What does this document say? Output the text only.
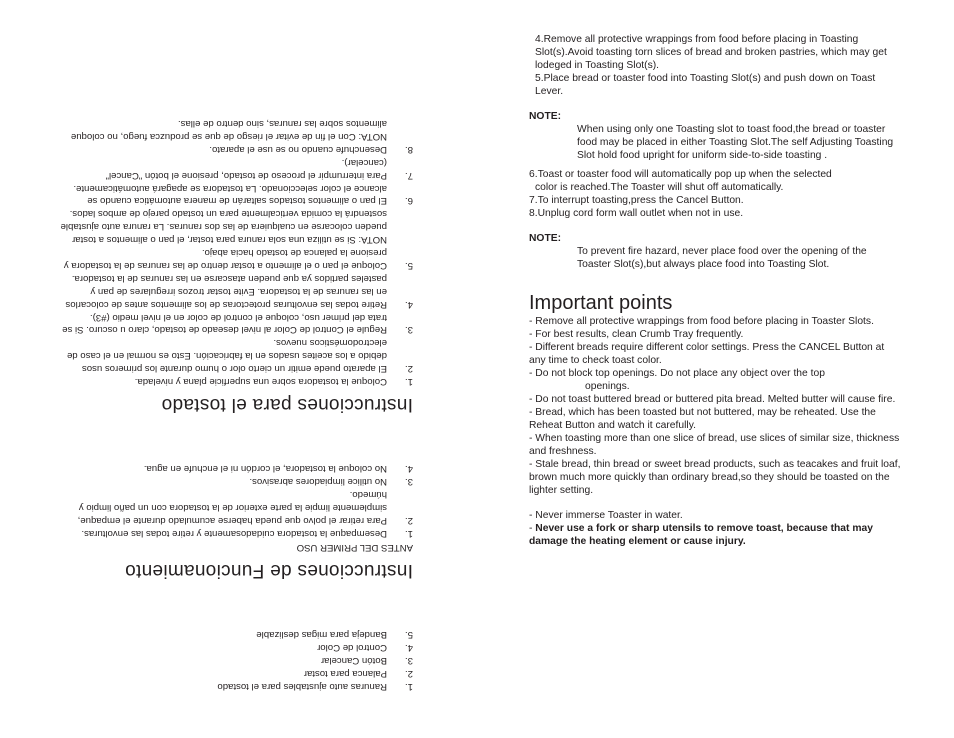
1.
Ranuras auto ajustables para el tostado
2.
Palanca para tostar
3.
Botón Cancelar
4.
Control de Color
5.
Bandeja para migas deslizable
Instrucciones de Funcionamiento

ANTES DEL PRIMER USO

1.
Desempaque la tostadora cuidadosamente y retire todas las envolturas.
2.
Para retirar el polvo que pueda haberse acumulado durante el empaque, simplemente limpie la parte exterior de la tostadora con un paño limpio y húmedo.
3.
No utilice limpiadores abrasivos.
4.
No coloque la tostadora, el cordón ni el enchufe en agua.
Instrucciones para el tostado
1.
Coloque la tostadora sobre una superficie plana y nivelada.
2.
El aparato puede emitir un cierto olor o humo durante los primeros usos debido a los aceites usados en la fabricación. Esto es normal en el caso de electrodomésticos nuevos.
3.
Regule el Control de Color al nivel deseado de tostado, claro u oscuro. Si se trata del primer uso, coloque el control de color en el nivel medio (#3).
4.
Retire todas las envolturas protectoras de los alimentos antes de colocarlos en las ranuras de la tostadora. Evite tostar trozos irregulares de pan y pasteles partidos ya que pueden atascarse en las ranuras de la tostadora.
5.
Coloque el pan o el alimento a tostar dentro de las ranuras de la tostadora y presione la palanca de tostado hacia abajo.
NOTA: Si se utiliza una sola ranura para tostar, el pan o alimentos a tostar pueden colocarse en cualquiera de las dos ranuras. La ranura auto ajustable sostendrá la comida verticalmente para un tostado parejo de ambos lados.
6.
El pan o alimentos tostados saltarán de manera automática cuando se alcance el color seleccionado. La tostadora se apagará automáticamente.
7.
Para interrumpir el proceso de tostado, presione el botón "Cancel" (cancelar).
8.
Desenchufe cuando no se use el aparato.
NOTA: Con el fin de evitar el riesgo de que se produzca fuego, no coloque alimentos sobre las ranuras, sino dentro de ellas.

4.Remove all protective wrappings from food before placing in Toasting Slot(s).Avoid toasting torn slices of bread and broken pastries, which may get lodeged in Toasting Slot(s).

5.Place bread or toaster food into Toasting Slot(s) and push down on Toast Lever.

NOTE:

When using only one Toasting slot to toast food,the bread or toaster food may be placed in either Toasting Slot.The self Adjusting Toasting Slot hold food upright for uniform side-to-side toasting .

6.Toast or toaster food will automatically pop up when the selected

color is reached.The Toaster will shut off automatically.

7.To interrupt toasting,press the Cancel Button.

8.Unplug cord form wall outlet when not in use.

NOTE:

To prevent fire hazard, never place food over the opening of the Toaster Slot(s),but always place food into Toasting Slot.

Important points

- Remove all protective wrappings from food before placing in Toaster Slots.

- For best results, clean Crumb Tray frequently.

- Different breads require different color settings. Press the CANCEL Button at any time to check toast color.

- Do not block top openings. Do not place any object over the top

openings.

- Do not toast buttered bread or buttered pita bread. Melted butter will cause fire.

- Bread, which has been toasted but not buttered, may be reheated. Use the Reheat Button and watch it carefully.

- When toasting more than one slice of bread, use slices of similar size, thickness and freshness.

- Stale bread, thin bread or sweet bread products, such as teacakes and fruit loaf, brown much more quickly than ordinary bread,so they should be toasted on the lighter setting.

- Never immerse Toaster in water.

- Never use a fork or sharp utensils to remove toast, because that may damage the heating element or cause injury.
